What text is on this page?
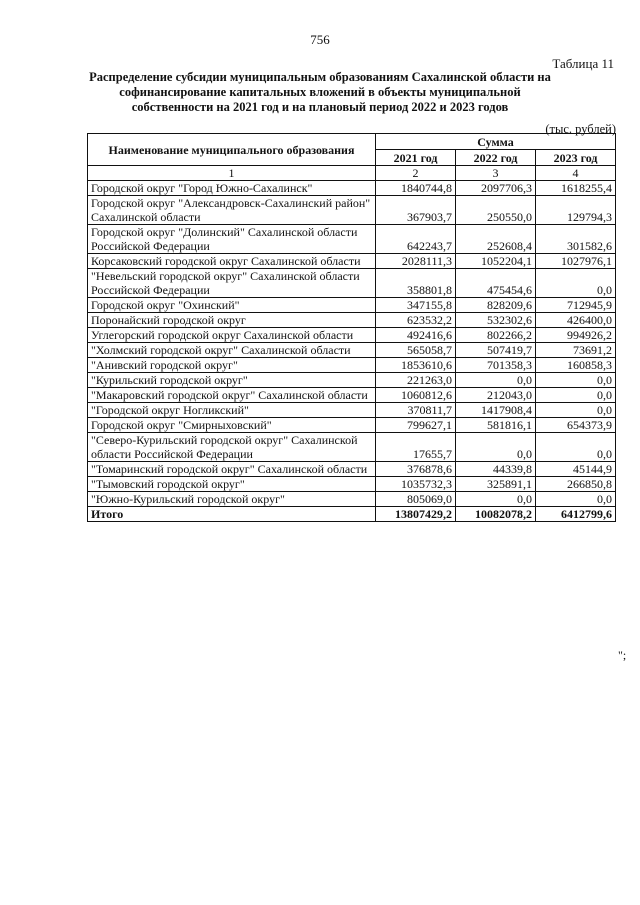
756
Таблица 11
Распределение субсидии муниципальным образованиям Сахалинской области на софинансирование капитальных вложений в объекты муниципальной собственности на 2021 год и на плановый период 2022 и 2023 годов
(тыс. рублей)
Наименование муниципального образования	Сумма		
	2021 год	2022 год	2023 год
1	2	3	4
Городской округ "Город Южно-Сахалинск"	1840744,8	2097706,3	1618255,4
Городской округ "Александровск-Сахалинский район" Сахалинской области	367903,7	250550,0	129794,3
Городской округ "Долинский" Сахалинской области Российской Федерации	642243,7	252608,4	301582,6
Корсаковский городской округ Сахалинской области	2028111,3	1052204,1	1027976,1
"Невельский городской округ" Сахалинской области Российской Федерации	358801,8	475454,6	0,0
Городской округ "Охинский"	347155,8	828209,6	712945,9
Поронайский городской округ	623532,2	532302,6	426400,0
Углегорский городской округ Сахалинской области	492416,6	802266,2	994926,2
"Холмский городской округ" Сахалинской области	565058,7	507419,7	73691,2
"Анивский городской округ"	1853610,6	701358,3	160858,3
"Курильский городской округ"	221263,0	0,0	0,0
"Макаровский городской округ" Сахалинской области	1060812,6	212043,0	0,0
"Городской округ Ногликский"	370811,7	1417908,4	0,0
Городской округ "Смирныховский"	799627,1	581816,1	654373,9
"Северо-Курильский городской округ" Сахалинской области Российской Федерации	17655,7	0,0	0,0
"Томаринский городской округ" Сахалинской области	376878,6	44339,8	45144,9
"Тымовский городской округ"	1035732,3	325891,1	266850,8
"Южно-Курильский городской округ"	805069,0	0,0	0,0
Итого	13807429,2	10082078,2	6412799,6
";
